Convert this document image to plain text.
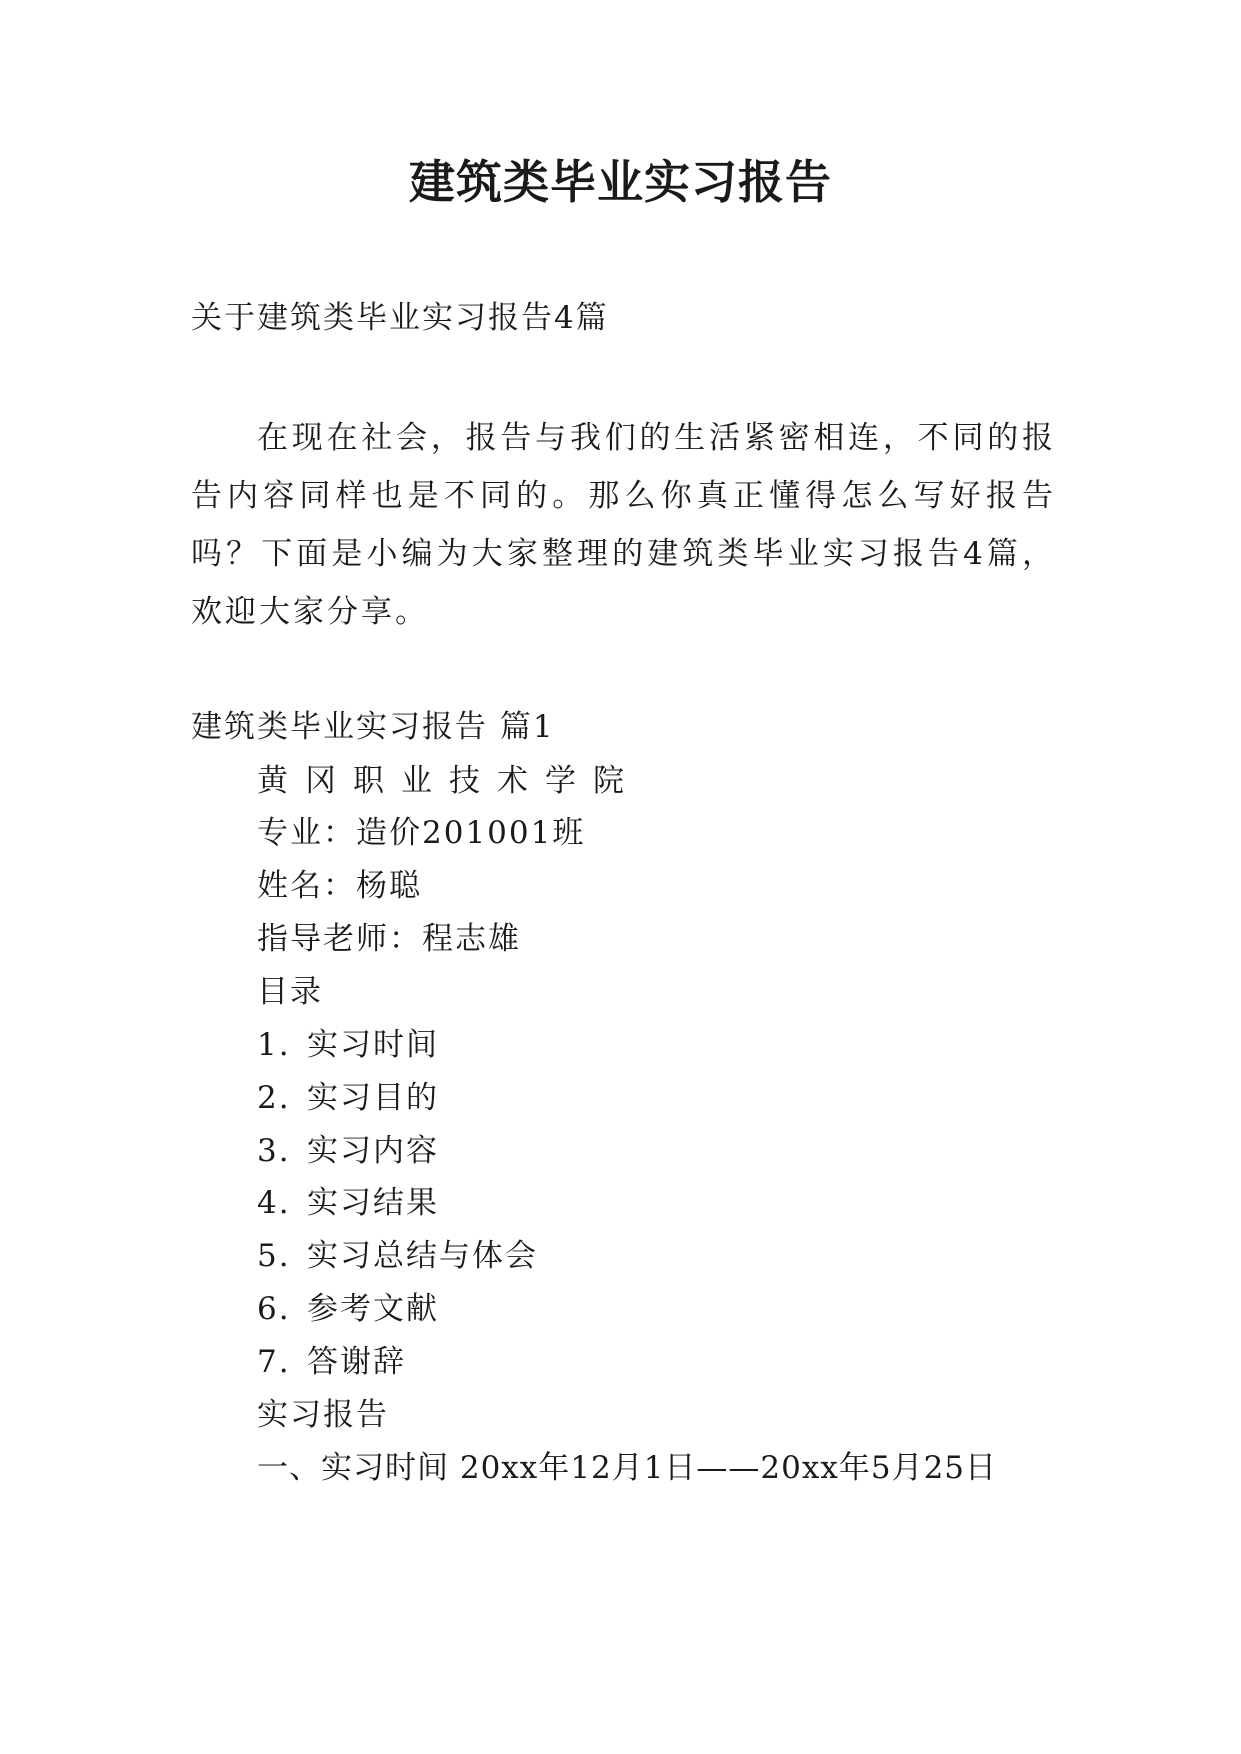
建筑类毕业实习报告
关于建筑类毕业实习报告4篇
在现在社会，报告与我们的生活紧密相连，不同的报告内容同样也是不同的。那么你真正懂得怎么写好报告吗？下面是小编为大家整理的建筑类毕业实习报告4篇，欢迎大家分享。
建筑类毕业实习报告 篇1
黄冈职业技术学院
专业：造价201001班
姓名：杨聪
指导老师：程志雄
目录
1. 实习时间
2. 实习目的
3. 实习内容
4. 实习结果
5. 实习总结与体会
6. 参考文献
7. 答谢辞
实习报告
一、实习时间 20xx年12月1日——20xx年5月25日
